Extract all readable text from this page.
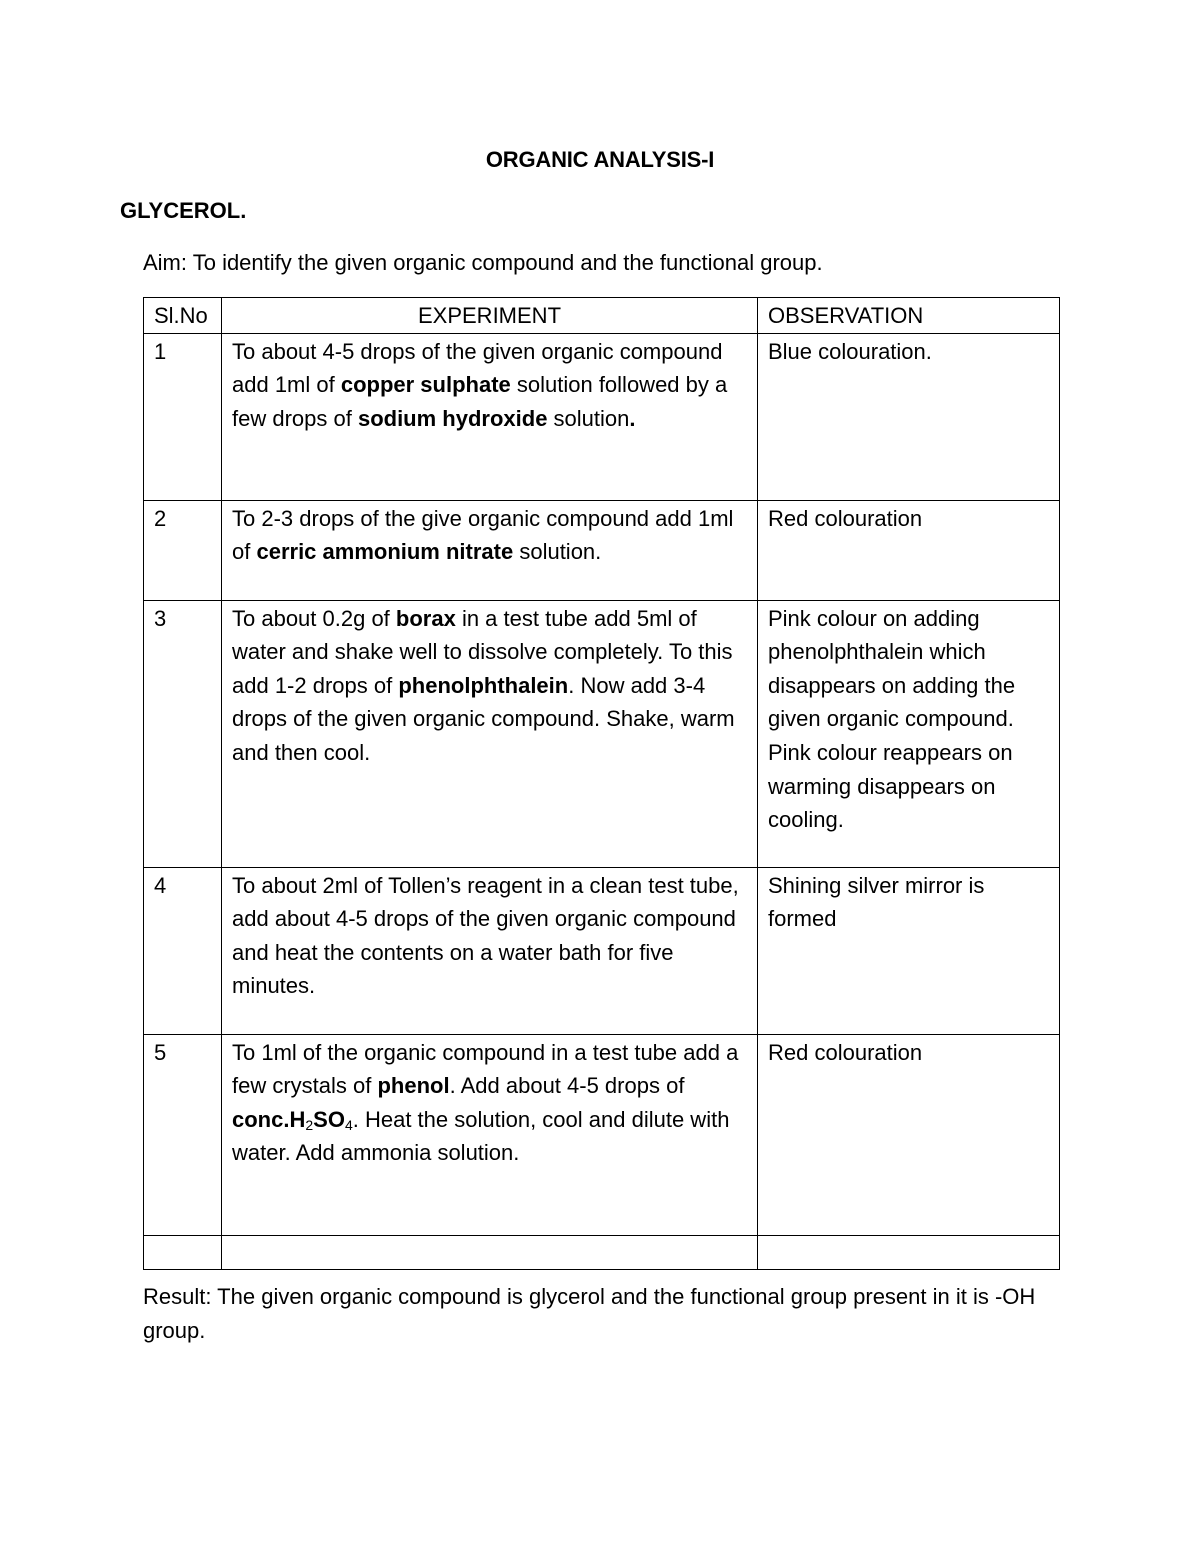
ORGANIC ANALYSIS-I
GLYCEROL.
Aim: To identify the given organic compound and the functional group.
Sl.No	EXPERIMENT	OBSERVATION
1	To about 4-5 drops of the given organic compound add 1ml of copper sulphate solution followed by a few drops of sodium hydroxide solution.	Blue colouration.
2	To 2-3 drops of the give organic compound add 1ml of cerric ammonium nitrate solution.	Red colouration
3	To about 0.2g of borax in a test tube add 5ml of water and shake well to dissolve completely. To this add 1-2 drops of phenolphthalein. Now add 3-4 drops of the given organic compound. Shake, warm and then cool.	Pink colour on adding phenolphthalein which disappears on adding the given organic compound. Pink colour reappears on warming disappears on cooling.
4	To about 2ml of Tollen’s reagent in a clean test tube, add about 4-5 drops of the given organic compound and heat the contents on a water bath for five minutes.	Shining silver mirror is formed
5	To 1ml of the organic compound in a test tube add a few crystals of phenol. Add about 4-5 drops of $conc.H_2SO_4$. Heat the solution, cool and dilute with water. Add ammonia solution.	Red colouration

Result: The given organic compound is glycerol and the functional group present in it is -OH group.
